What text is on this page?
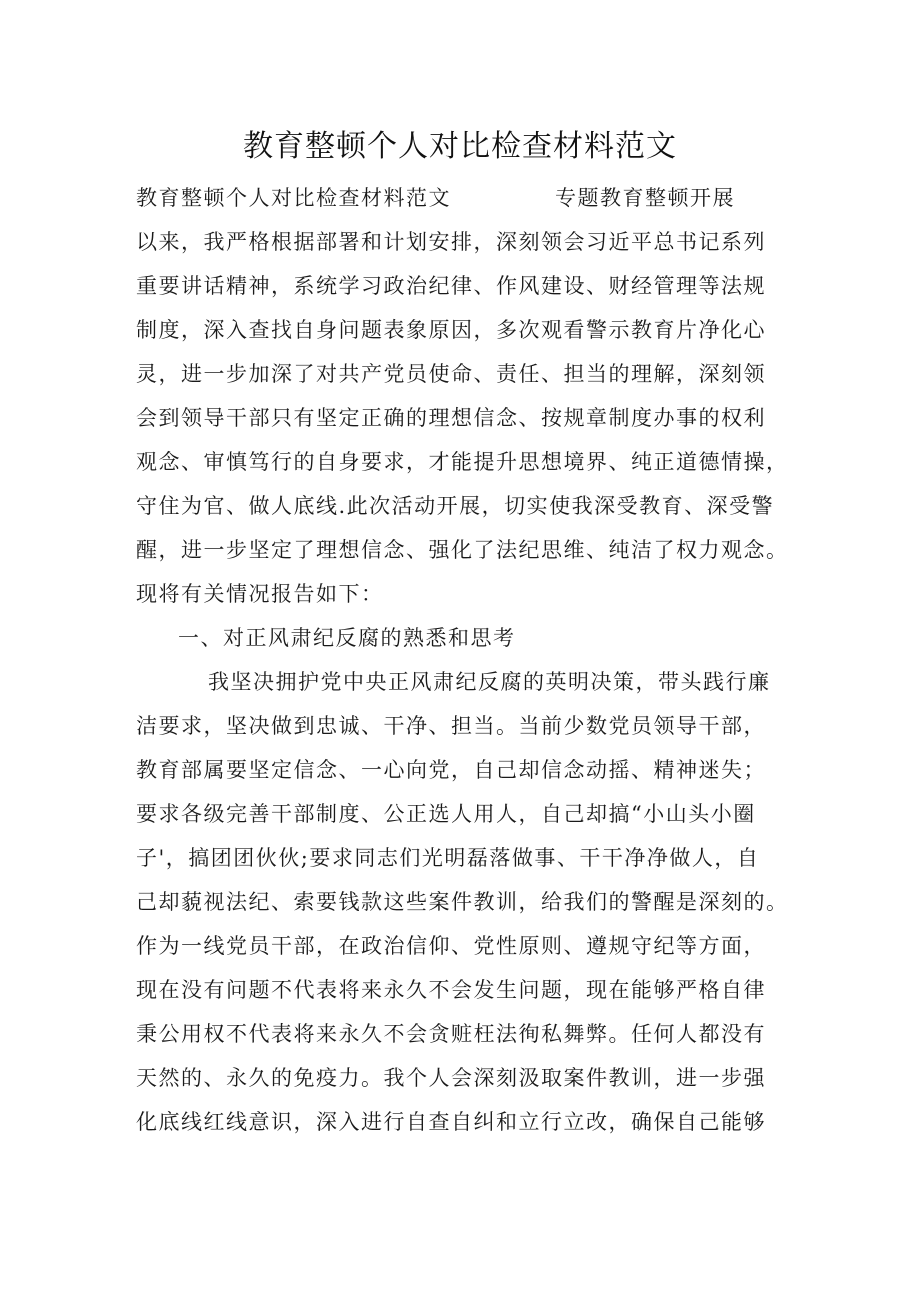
教育整顿个人对比检查材料范文

教育整顿个人对比检查材料范文	专题教育整顿开展

以来，我严格根据部署和计划安排，深刻领会习近平总书记系列

重要讲话精神，系统学习政治纪律、作风建设、财经管理等法规

制度，深入查找自身问题表象原因，多次观看警示教育片净化心

灵，进一步加深了对共产党员使命、责任、担当的理解，深刻领

会到领导干部只有坚定正确的理想信念、按规章制度办事的权利

观念、审慎笃行的自身要求，才能提升思想境界、纯正道德情操，

守住为官、做人底线.此次活动开展，切实使我深受教育、深受警

醒，进一步坚定了理想信念、强化了法纪思维、纯洁了权力观念。

现将有关情况报告如下：

一、对正风肃纪反腐的熟悉和思考

我坚决拥护党中央正风肃纪反腐的英明决策，带头践行廉

洁要求，坚决做到忠诚、干净、担当。当前少数党员领导干部，

教育部属要坚定信念、一心向党，自己却信念动摇、精神迷失；

要求各级完善干部制度、公正选人用人，自己却搞“小山头小圈

子'，搞团团伙伙;要求同志们光明磊落做事、干干净净做人，自

己却藐视法纪、索要钱款这些案件教训，给我们的警醒是深刻的。

作为一线党员干部，在政治信仰、党性原则、遵规守纪等方面，

现在没有问题不代表将来永久不会发生问题，现在能够严格自律

秉公用权不代表将来永久不会贪赃枉法徇私舞弊。任何人都没有

天然的、永久的免疫力。我个人会深刻汲取案件教训，进一步强

化底线红线意识，深入进行自查自纠和立行立改，确保自己能够
